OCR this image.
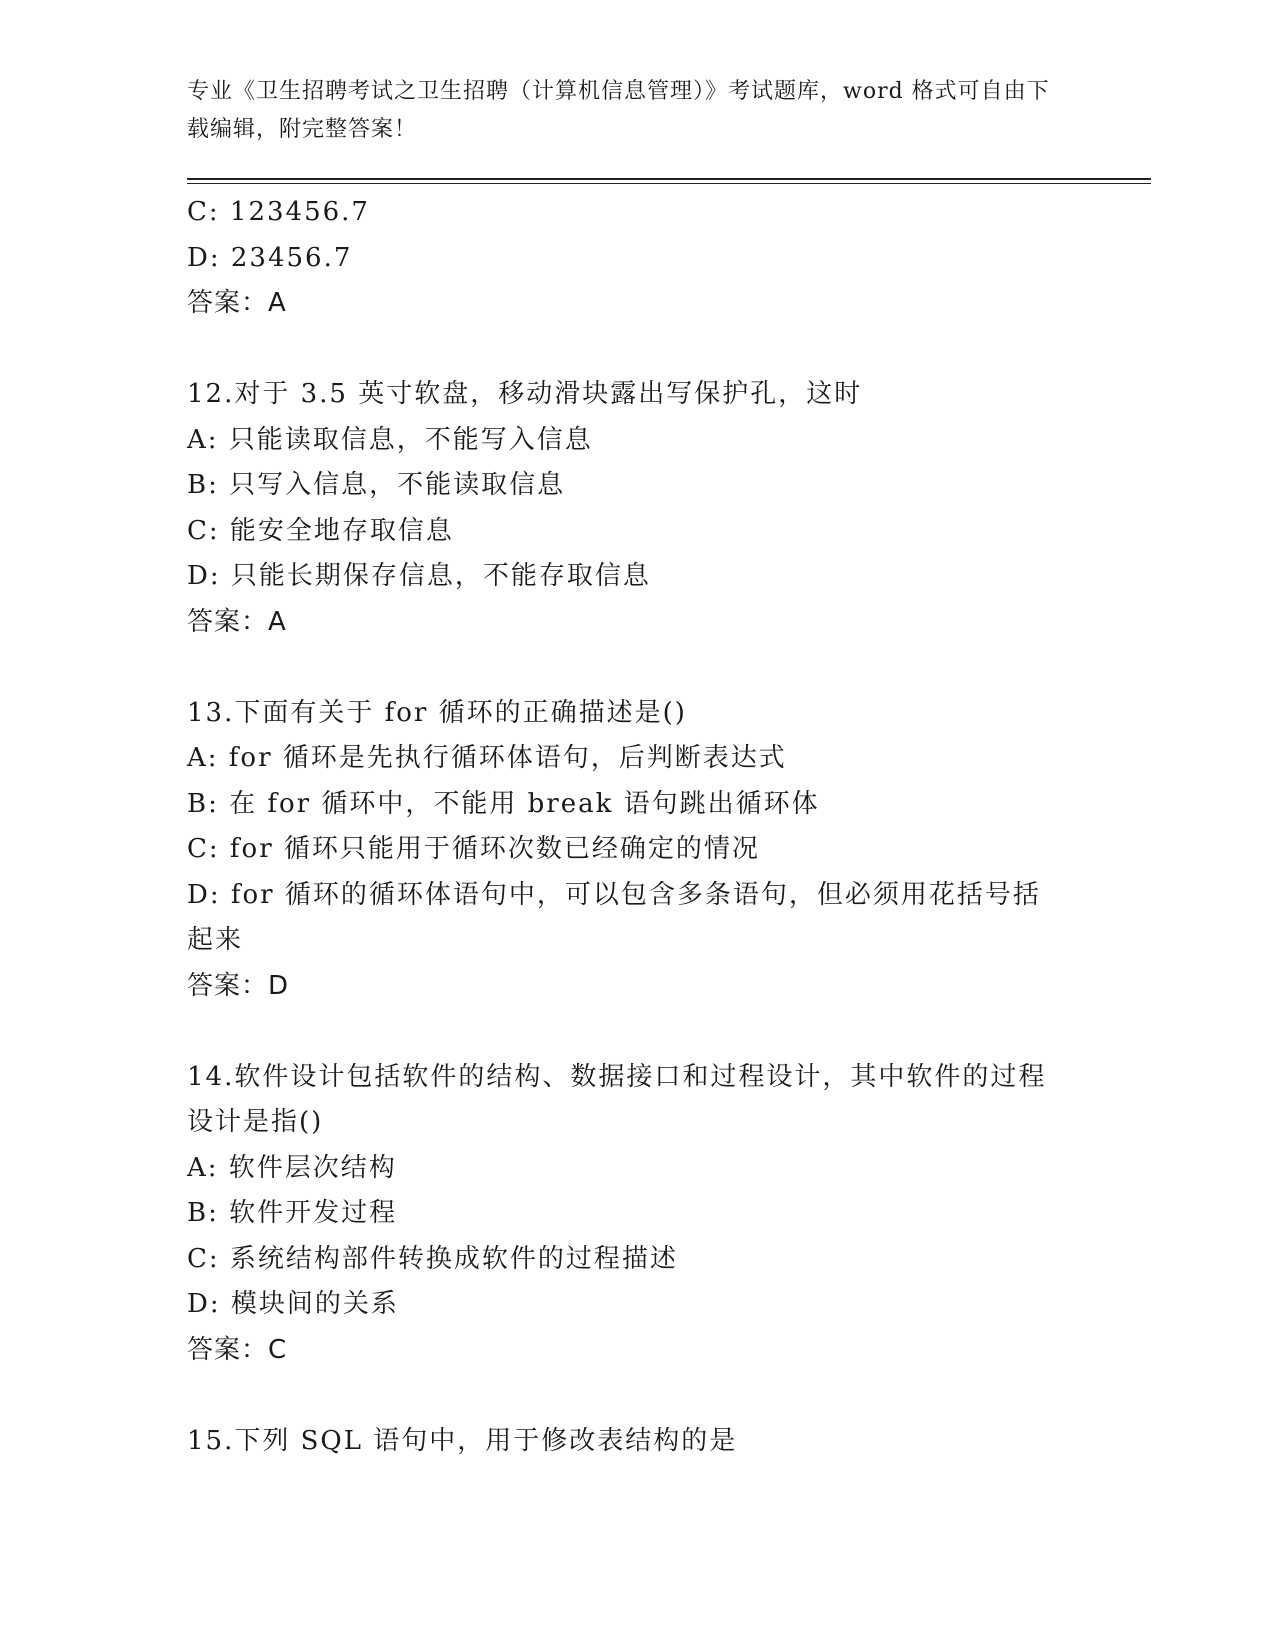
专业《卫生招聘考试之卫生招聘（计算机信息管理）》考试题库，word 格式可自由下载编辑，附完整答案！
C: 123456.7
D: 23456.7
答案：A
12.对于 3.5 英寸软盘，移动滑块露出写保护孔，这时
A: 只能读取信息，不能写入信息
B: 只写入信息，不能读取信息
C: 能安全地存取信息
D: 只能长期保存信息，不能存取信息
答案：A
13.下面有关于 for 循环的正确描述是()
A: for 循环是先执行循环体语句，后判断表达式
B: 在 for 循环中，不能用 break 语句跳出循环体
C: for 循环只能用于循环次数已经确定的情况
D: for 循环的循环体语句中，可以包含多条语句，但必须用花括号括起来
答案：D
14.软件设计包括软件的结构、数据接口和过程设计，其中软件的过程设计是指()
A: 软件层次结构
B: 软件开发过程
C: 系统结构部件转换成软件的过程描述
D: 模块间的关系
答案：C
15.下列 SQL 语句中，用于修改表结构的是
